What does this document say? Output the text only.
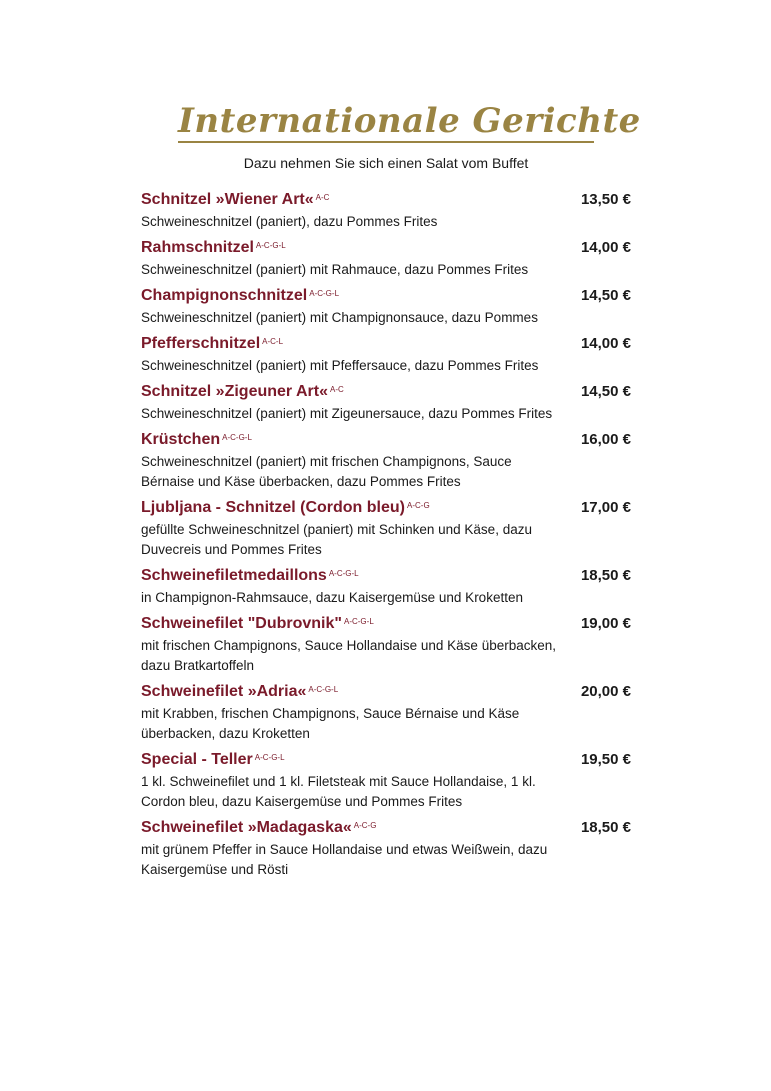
Internationale Gerichte
Dazu nehmen Sie sich einen Salat vom Buffet
Schnitzel »Wiener Art« $^{A-C}$	13,50 €
Schweineschnitzel (paniert), dazu Pommes Frites
Rahmschnitzel $^{A-C-G-L}$	14,00 €
Schweineschnitzel (paniert) mit Rahmauce, dazu Pommes Frites
Champignonschnitzel $^{A-C-G-L}$	14,50 €
Schweineschnitzel (paniert) mit Champignonsauce, dazu Pommes
Pfefferschnitzel $^{A-C-L}$	14,00 €
Schweineschnitzel (paniert) mit Pfeffersauce, dazu Pommes Frites
Schnitzel »Zigeuner Art« $^{A-C}$	14,50 €
Schweineschnitzel (paniert) mit Zigeunersauce, dazu Pommes Frites
Krüstchen $^{A-C-G-L}$	16,00 €
Schweineschnitzel (paniert) mit frischen Champignons, Sauce Bérnaise und Käse überbacken, dazu Pommes Frites
Ljubljana - Schnitzel (Cordon bleu) $^{A-C-G}$	17,00 €
gefüllte Schweineschnitzel (paniert) mit Schinken und Käse, dazu Duvecreis und Pommes Frites
Schweinefiletmedaillons $^{A-C-G-L}$	18,50 €
in Champignon-Rahmsauce, dazu Kaisergemüse und Kroketten
Schweinefilet "Dubrovnik" $^{A-C-G-L}$	19,00 €
mit frischen Champignons, Sauce Hollandaise und Käse überbacken, dazu Bratkartoffeln
Schweinefilet »Adria« $^{A-C-G-L}$	20,00 €
mit Krabben, frischen Champignons, Sauce Bérnaise und Käse überbacken, dazu Kroketten
Special - Teller $^{A-C-G-L}$	19,50 €
1 kl. Schweinefilet und 1 kl. Filetsteak mit Sauce Hollandaise, 1 kl. Cordon bleu, dazu Kaisergemüse und Pommes Frites
Schweinefilet »Madagaska« $^{A-C-G}$	18,50 €
mit grünem Pfeffer in Sauce Hollandaise und etwas Weißwein, dazu Kaisergemüse und Rösti
